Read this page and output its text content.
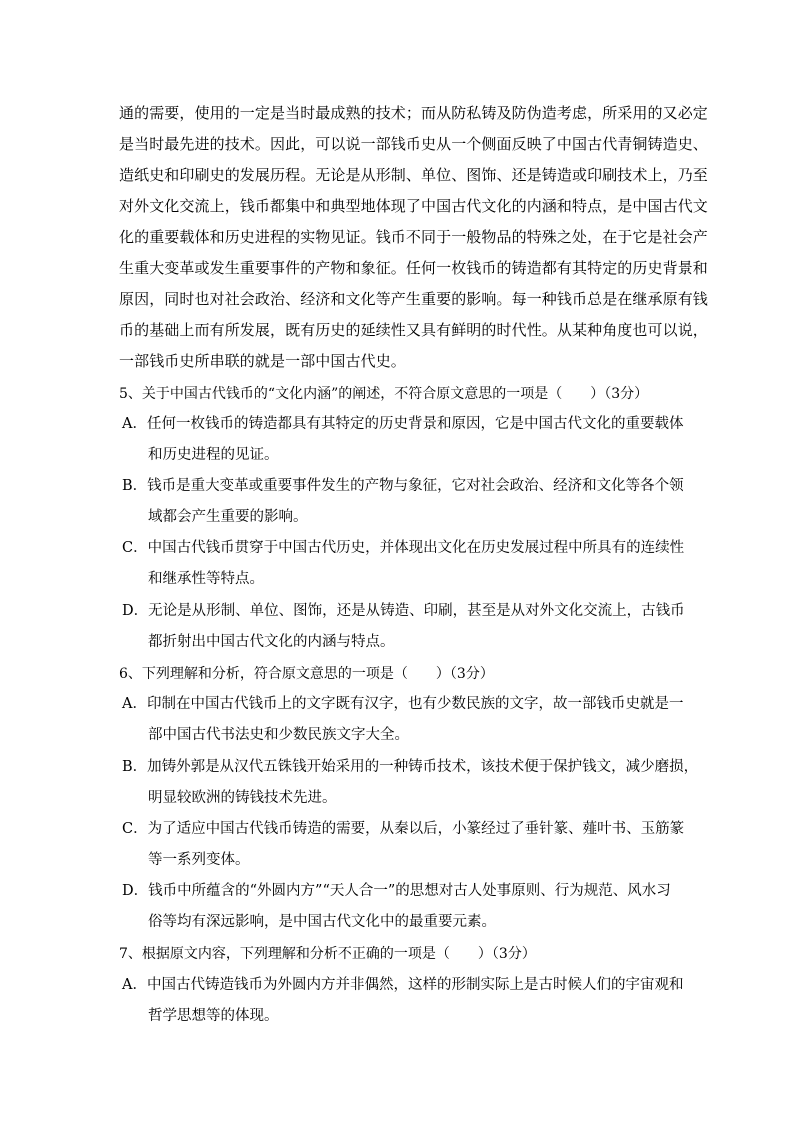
通的需要，使用的一定是当时最成熟的技术；而从防私铸及防伪造考虑，所采用的又必定
是当时最先进的技术。因此，可以说一部钱币史从一个侧面反映了中国古代青铜铸造史、
造纸史和印刷史的发展历程。无论是从形制、单位、图饰、还是铸造或印刷技术上，乃至
对外文化交流上，钱币都集中和典型地体现了中国古代文化的内涵和特点，是中国古代文
化的重要载体和历史进程的实物见证。钱币不同于一般物品的特殊之处，在于它是社会产
生重大变革或发生重要事件的产物和象征。任何一枚钱币的铸造都有其特定的历史背景和
原因，同时也对社会政治、经济和文化等产生重要的影响。每一种钱币总是在继承原有钱
币的基础上而有所发展，既有历史的延续性又具有鲜明的时代性。从某种角度也可以说，
一部钱币史所串联的就是一部中国古代史。
5、关于中国古代钱币的“文化内涵”的阐述，不符合原文意思的一项是（　　）（3分）
A．任何一枚钱币的铸造都具有其特定的历史背景和原因，它是中国古代文化的重要载体
和历史进程的见证。
B．钱币是重大变革或重要事件发生的产物与象征，它对社会政治、经济和文化等各个领
域都会产生重要的影响。
C．中国古代钱币贯穿于中国古代历史，并体现出文化在历史发展过程中所具有的连续性
和继承性等特点。
D．无论是从形制、单位、图饰，还是从铸造、印刷，甚至是从对外文化交流上，古钱币
都折射出中国古代文化的内涵与特点。
6、下列理解和分析，符合原文意思的一项是（　　）（3分）
A．印制在中国古代钱币上的文字既有汉字，也有少数民族的文字，故一部钱币史就是一
部中国古代书法史和少数民族文字大全。
B．加铸外郭是从汉代五铢钱开始采用的一种铸币技术，该技术便于保护钱文，减少磨损，
明显较欧洲的铸钱技术先进。
C．为了适应中国古代钱币铸造的需要，从秦以后，小篆经过了垂针篆、薤叶书、玉筋篆
等一系列变体。
D．钱币中所蕴含的“外圆内方”“天人合一”的思想对古人处事原则、行为规范、风水习
俗等均有深远影响，是中国古代文化中的最重要元素。
7、根据原文内容，下列理解和分析不正确的一项是（　　）（3分）
A．中国古代铸造钱币为外圆内方并非偶然，这样的形制实际上是古时候人们的宇宙观和
哲学思想等的体现。
